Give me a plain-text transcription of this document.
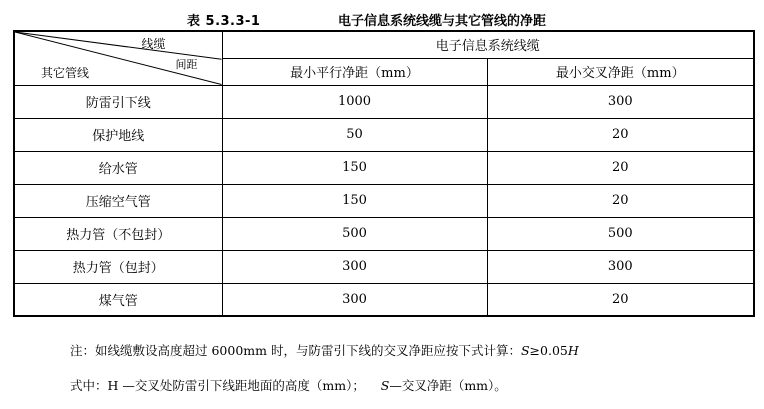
表 5.3.3-1	电子信息系统线缆与其它管线的净距
线缆
间距
其它管线	电子信息系统线缆	
	最小平行净距（mm）	最小交叉净距（mm）
防雷引下线	1000	300
保护地线	50	20
给水管	150	20
压缩空气管	150	20
热力管（不包封）	500	500
热力管（包封）	300	300
煤气管	300	20
注：如线缆敷设高度超过 6000mm 时，与防雷引下线的交叉净距应按下式计算：S≥0.05H
式中：H —交叉处防雷引下线距地面的高度（mm）； S—交叉净距（mm）。
